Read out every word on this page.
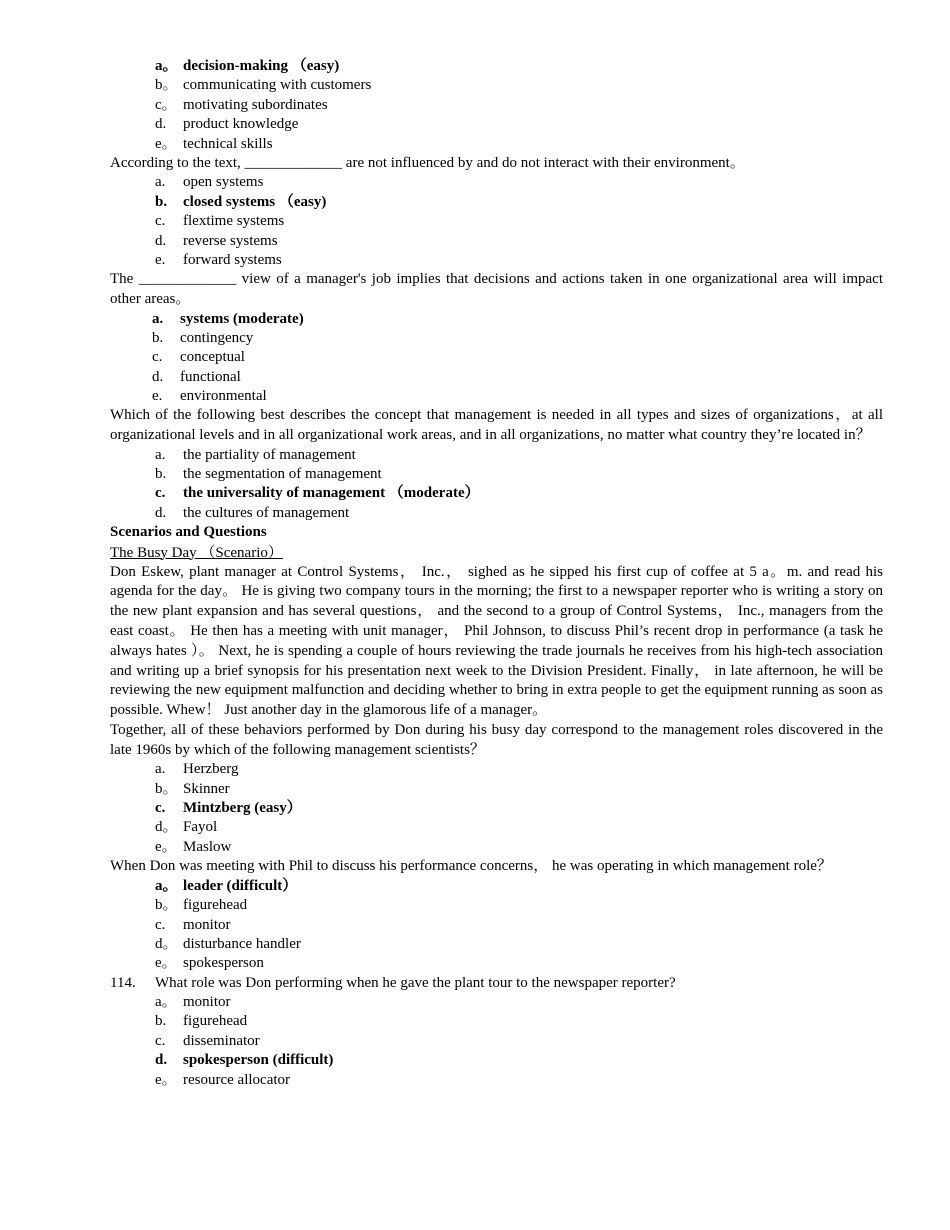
a。 decision-making （easy)
b。 communicating with customers
c。 motivating subordinates
d. product knowledge
e。 technical skills
According to the text, _____________ are not influenced by and do not interact with their environment。
a. open systems
b. closed systems （easy)
c. flextime systems
d. reverse systems
e. forward systems
The _____________ view of a manager's job implies that decisions and actions taken in one organizational area will impact other areas。
a. systems (moderate)
b. contingency
c. conceptual
d. functional
e. environmental
Which of the following best describes the concept that management is needed in all types and sizes of organizations，at all organizational levels and in all organizational work areas, and in all organizations, no matter what country they’re located in？
a. the partiality of management
b. the segmentation of management
c. the universality of management （moderate）
d. the cultures of management
Scenarios and Questions
The Busy Day （Scenario）
Don Eskew, plant manager at Control Systems， Inc.， sighed as he sipped his first cup of coffee at 5 a。m. and read his agenda for the day。 He is giving two company tours in the morning; the first to a newspaper reporter who is writing a story on the new plant expansion and has several questions， and the second to a group of Control Systems， Inc., managers from the east coast。 He then has a meeting with unit manager， Phil Johnson, to discuss Phil’s recent drop in performance (a task he always hates ）。 Next, he is spending a couple of hours reviewing the trade journals he receives from his high-tech association and writing up a brief synopsis for his presentation next week to the Division President. Finally， in late afternoon, he will be reviewing the new equipment malfunction and deciding whether to bring in extra people to get the equipment running as soon as possible. Whew！ Just another day in the glamorous life of a manager。
Together, all of these behaviors performed by Don during his busy day correspond to the management roles discovered in the late 1960s by which of the following management scientists？
a. Herzberg
b。 Skinner
c. Mintzberg (easy）
d。 Fayol
e。 Maslow
When Don was meeting with Phil to discuss his performance concerns， he was operating in which management role？
a。 leader (difficult）
b。 figurehead
c. monitor
d。 disturbance handler
e。 spokesperson
114. What role was Don performing when he gave the plant tour to the newspaper reporter?
a。 monitor
b. figurehead
c. disseminator
d. spokesperson (difficult)
e。 resource allocator
